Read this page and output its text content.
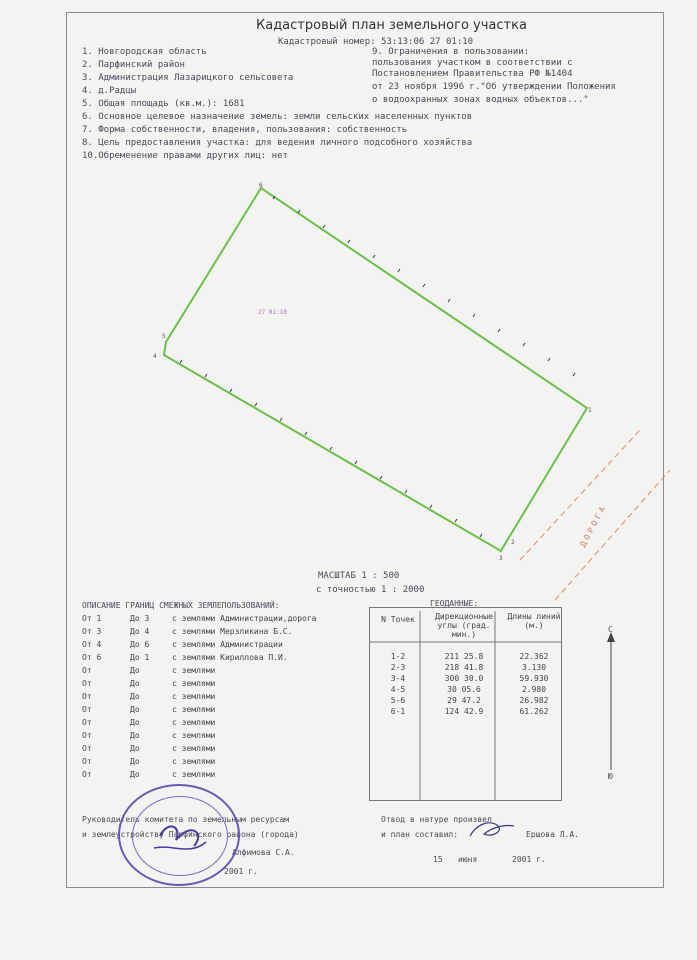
Кадастровый план земельного участка
Кадастровый номер: 53:13:06 27 01:10
1. Новгородская область
2. Парфинский район
3. Администрация Лазарицкого сельсовета
4. д.Радцы
5. Общая площадь (кв.м.): 1681
6. Основное целевое назначение земель: земли сельских населенных пунктов
7. Форма собственности, владения, пользования: собственность
8. Цель предоставления участка: для ведения личного подсобного хозяйства
10.Обременение правами других лиц: нет
9. Ограничения в пользовании:
пользования участком в соответствии с
Постановлением Правительства РФ №1404
от 23 ноября 1996 г."Об утверждении Положения
о водоохранных зонах водных объектов..."
6
5
4
1
2
3
27 01:10
ДОРОГА
МАСШТАБ 1 : 500
с точностью 1 : 2000
ОПИСАНИЕ ГРАНИЦ СМЕЖНЫХ ЗЕМЛЕПОЛЬЗОВАНИЙ:
От 1	До 3	с землями Администрации,дорога
От 3	До 4	с землями Мерзликина Б.С.
От 4	До 6	с землями Администрации
От 6	До 1	с землями Кириллова П.И.
От	До	с землями
От	До	с землями
От	До	с землями
От	До	с землями
От	До	с землями
От	До	с землями
От	До	с землями
От	До	с землями
От	До	с землями
ГЕОДАННЫЕ:
N Точек	Дирекционные углы (град. мин.)	Длины линий (м.)

1-2	211 25.8	22.362
2-3	218 41.8	3.130
3-4	300 30.0	59.930
4-5	30 05.6	2.980
5-6	29 47.2	26.982
6-1	124 42.9	61.262
С
Ю
Руководитель комитета по земельным ресурсам
и землеустройству Парфинского района (города)
Алфимова С.А.
2001 г.
Отвод в натуре произвел
и план составил:	Ершова Л.А.
15 июня	2001 г.
